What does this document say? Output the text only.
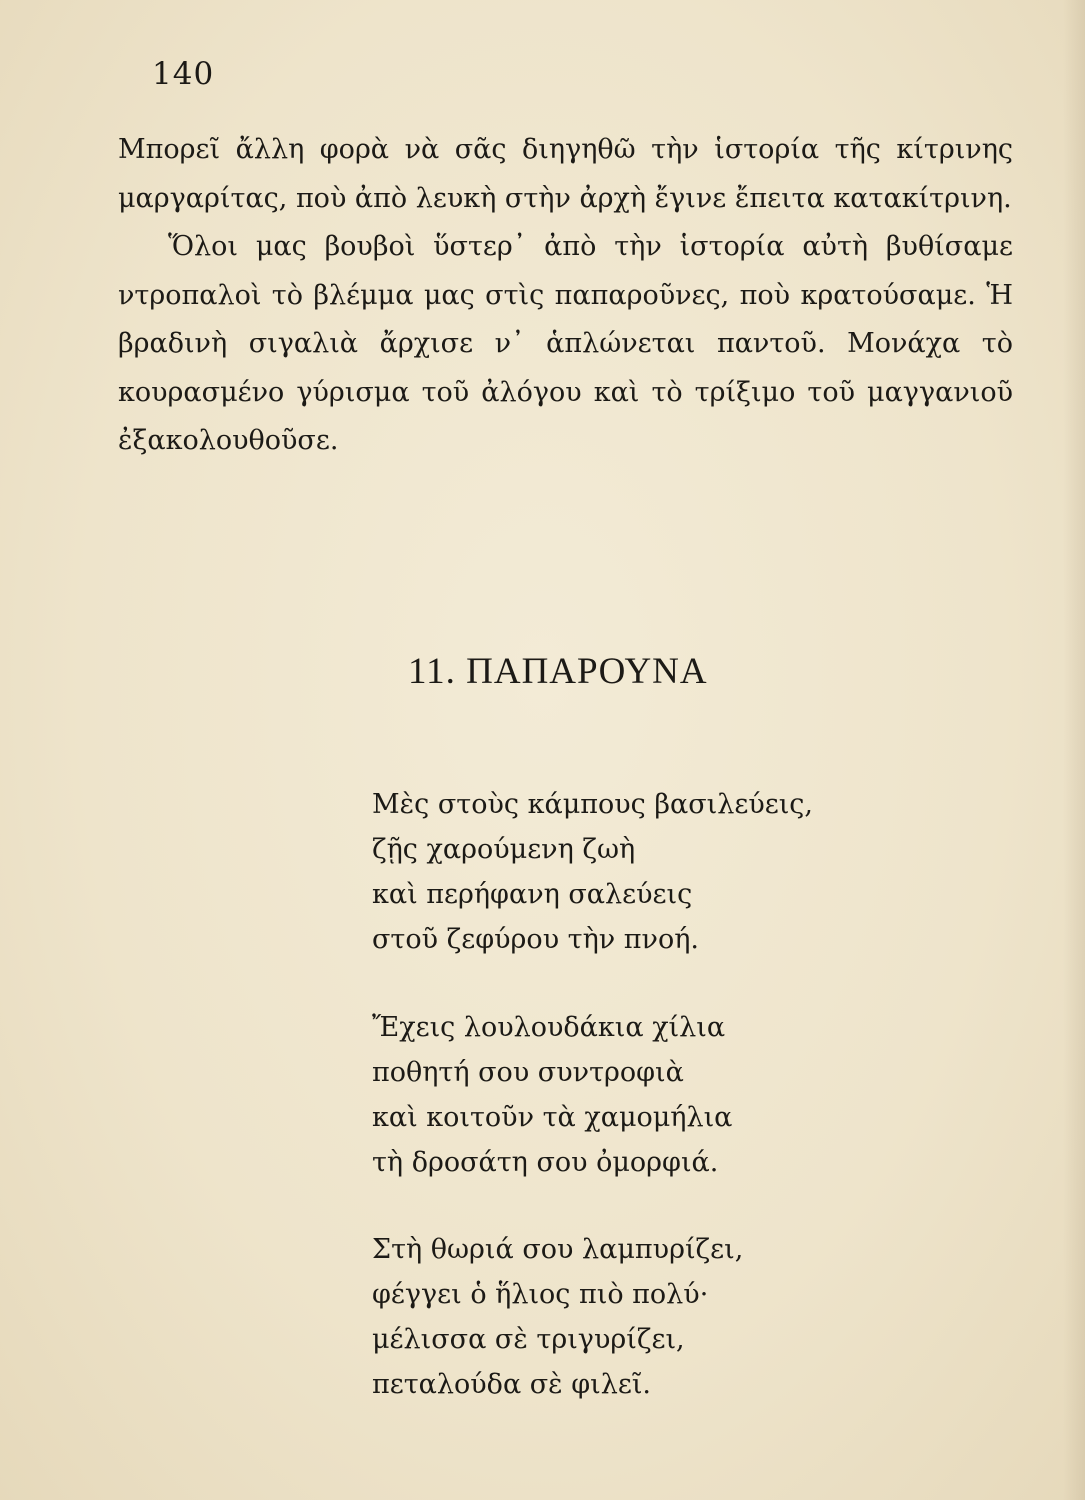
140

Μπορεῖ ἄλλη φορὰ νὰ σᾶς διηγηθῶ τὴν ἱστορία τῆς κίτρινης μαργαρίτας, ποὺ ἀπὸ λευκὴ στὴν ἀρχὴ ἔγινε ἔπειτα κατακίτρινη.

Ὅλοι μας βουβοὶ ὕστερ᾽ ἀπὸ τὴν ἱστορία αὐτὴ βυθίσαμε ντροπαλοὶ τὸ βλέμμα μας στὶς παπαροῦνες, ποὺ κρατούσαμε. Ἡ βραδινὴ σιγαλιὰ ἄρχισε ν᾽ ἁπλώνεται παντοῦ. Μονάχα τὸ κουρασμένο γύρισμα τοῦ ἀλόγου καὶ τὸ τρίξιμο τοῦ μαγγανιοῦ ἐξακολουθοῦσε.

11. ΠΑΠΑΡΟΥΝΑ
Μὲς στοὺς κάμπους βασιλεύεις,
ζῇς χαρούμενη ζωὴ
καὶ περήφανη σαλεύεις
στοῦ ζεφύρου τὴν πνοή.
Ἔχεις λουλουδάκια χίλια
ποθητή σου συντροφιὰ
καὶ κοιτοῦν τὰ χαμομήλια
τὴ δροσάτη σου ὀμορφιά.
Στὴ θωριά σου λαμπυρίζει,
φέγγει ὁ ἥλιος πιὸ πολύ·
μέλισσα σὲ τριγυρίζει,
πεταλούδα σὲ φιλεῖ.
